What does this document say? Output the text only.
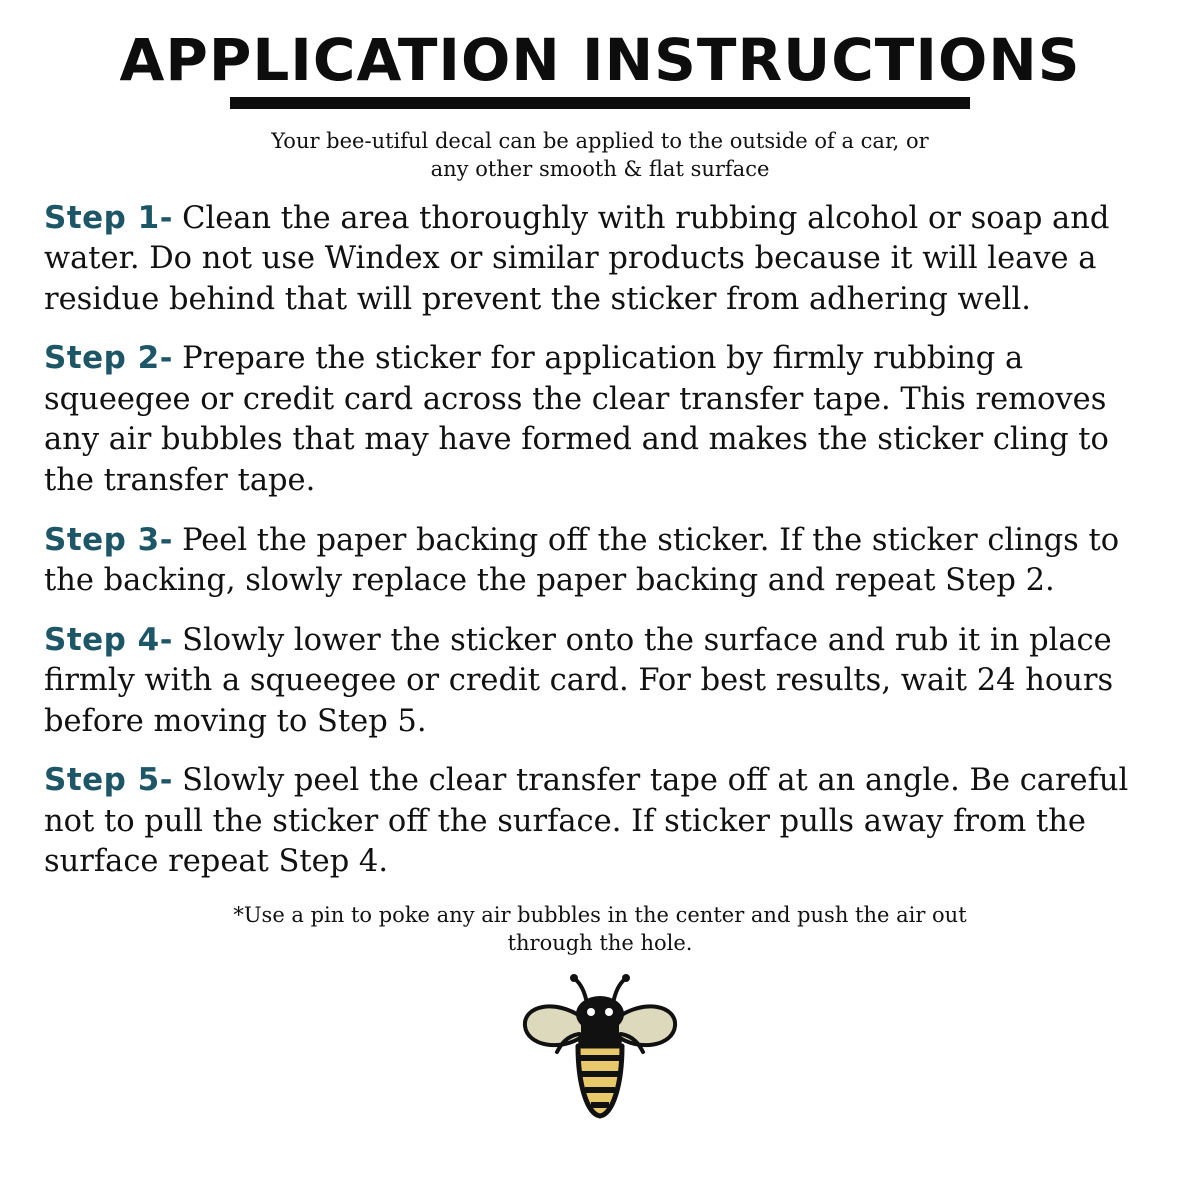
APPLICATION INSTRUCTIONS

Your bee-utiful decal can be applied to the outside of a car, or any other smooth & flat surface

Step 1- Clean the area thoroughly with rubbing alcohol or soap and water. Do not use Windex or similar products because it will leave a residue behind that will prevent the sticker from adhering well.

Step 2- Prepare the sticker for application by firmly rubbing a squeegee or credit card across the clear transfer tape. This removes any air bubbles that may have formed and makes the sticker cling to the transfer tape.

Step 3- Peel the paper backing off the sticker. If the sticker clings to the backing, slowly replace the paper backing and repeat Step 2.

Step 4- Slowly lower the sticker onto the surface and rub it in place firmly with a squeegee or credit card. For best results, wait 24 hours before moving to Step 5.

Step 5- Slowly peel the clear transfer tape off at an angle. Be careful not to pull the sticker off the surface. If sticker pulls away from the surface repeat Step 4.

*Use a pin to poke any air bubbles in the center and push the air out through the hole.
